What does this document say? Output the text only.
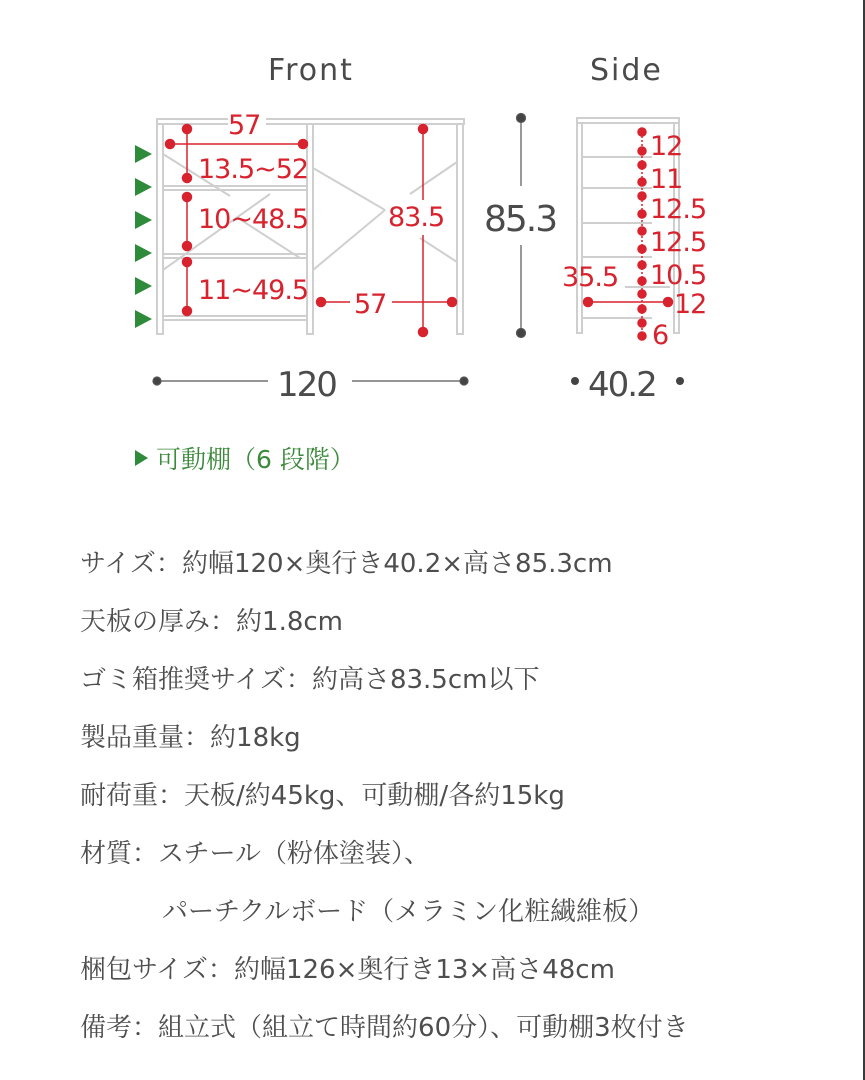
Front	Side
57
13.5~52
10~48.5
11~49.5
83.5
57
120
85.3
12
11
12.5
12.5
10.5
12
6
35.5
40.2
可動棚（6 段階）
サイズ：約幅120×奥行き40.2×高さ85.3cm
天板の厚み：約1.8cm
ゴミ箱推奨サイズ：約高さ83.5cm以下
製品重量：約18kg
耐荷重：天板/約45kg、可動棚/各約15kg
材質：スチール（粉体塗装）、
パーチクルボード（メラミン化粧繊維板）
梱包サイズ：約幅126×奥行き13×高さ48cm
備考：組立式（組立て時間約60分）、可動棚3枚付き
